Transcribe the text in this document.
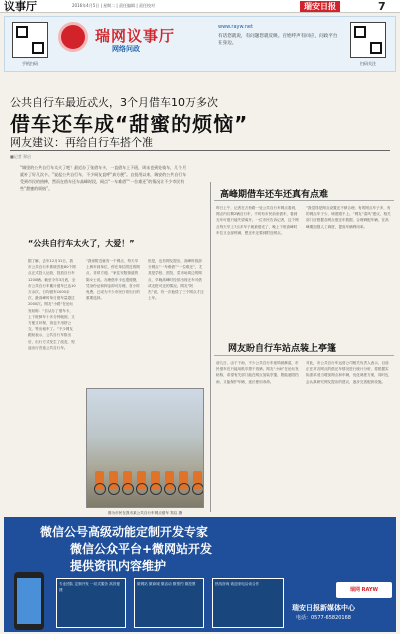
议事厅	2016年4月5日 | 星期二 | 责任编辑 | 责任校对	瑞安日报	7
手机扫码
瑞网议事厅
网络问政
www.rayw.net
有话您就说，有问题您就反映。百姓呼声有回应，问政平台在身边。
扫码关注
公共自行车最近忒火，3个月借车10万多次
借车还车成“甜蜜的烦恼”
网友建议：再给自行车搭个准
■记者 郑启
“城里的公共自行车太火了吧！最近办了张借车卡，一直借车上下班，周末也到处骑车，几个月就补了好几次卡。”说起公共自行车，不少网友直呼“真方便”。自投用以来，瑞安的公共自行车受到市民的热捧，然而在借车还车高峰时段，网点“一车难借”“一位难还”的情况让不少市民有些“甜蜜的烦恼”。
“公共自行车太火了，大爱！”
据了解，去年12月31日，我市公共自行车系统首批80个网点正式投入运营，投放自行车1200辆。截至今年3月底，全市公共自行车累计借车已达10万余次，日均借车1000余次，最高峰时单日借车量超过2000次。网友“小路”在论坛发帖称：“自从办了借车卡，上下班骑车十多分钟就到，又方便又环保，再也不用挤公交、等出租车了。”不少网友跟帖表示，公共自行车推出后，出行方式发生了改变，短途出行首选公共自行车。
“我家附近就有一个网点，每天早上骑车到单位，停在单位附近的网点，非常方便。”家住安阳街道的陈女士说。办理借车卡也很便捷，凭身份证和押金即可办理，首小时免费，已成为不少市民日常出行的重要选择。
但是，也有网友提出，高峰时段部分网点“一车难借”“一位难还”，尤其是学校、医院、菜市场周边的网点，早晚高峰时经常出现无车可借或无桩可还的情况。网友“阿杰”说，有一次他绕了三个网点才还上车。
图为市民在我市某公共自行车网点借车 郑启 摄
高峰期借车还车还真有点难
昨日上午，记者在万松路一处公共自行车网点看到，网点内仅剩2辆自行车，不时有市民前来借车，看到无车可借只能失望离开。一位市民告诉记者，这个网点每天早上7点多车子就被借光了，晚上下班高峰时车位又全部停满，想还车还要到附近网点。
“我觉得是网点设置还不够合理，有的网点车子多，有的网点车子少，调度跟不上。”网友“清风”建议，相关部门应根据各网点借还车数据，合理调配车辆，在高峰期加强人工调度，提高车辆利用率。
网友盼自行车站点装上亭篷
前几日，由于下雨，不少公共自行车座椅被淋湿，市民借车后只能用纸巾擦干再骑。网友“小雨”在论坛发帖称，希望有关部门能在网点加装亭篷，既能遮阳挡雨，又能保护车辆，延长使用寿命。
对此，市公共自行车运营公司相关负责人表示，目前正在对各网点的借还车情况进行统计分析，将根据实际需求适当增加网点和车辆，优化调度方案，同时也会认真研究网友提出的建议，逐步完善配套设施。
微信公号高级动能定制开发专家
微信公众平台+微网站开发
提供资讯内容维护
专业团队 定制开发 一站式服务 高效便捷
微网站 微商城 微活动 微预约 微投票	热线咨询 欢迎来电洽谈合作
瑞网 RAYW
瑞安日报新媒体中心
电话：0577-65820168
